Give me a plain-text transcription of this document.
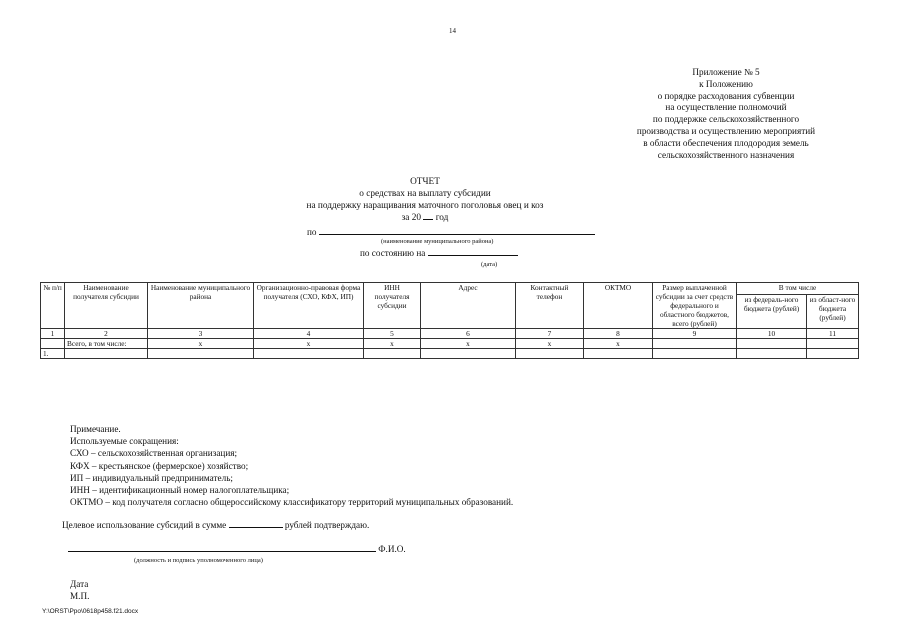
14
Приложение № 5
к Положению
о порядке расходования субвенции
на осуществление полномочий
по поддержке сельскохозяйственного
производства и осуществлению мероприятий
в области обеспечения плодородия земель
сельскохозяйственного назначения
ОТЧЕТ
о средствах на выплату субсидии
на поддержку наращивания маточного поголовья овец и коз
за 20 год
по
(наименование муниципального района)
по состоянию на
(дата)
№ п/п	Наименование получателя субсидии	Наименование муниципального района	Организационно-правовая форма получателя (СХО, КФХ, ИП)	ИНН получателя субсидии	Адрес	Контактный телефон	ОКТМО	Размер выплаченной субсидии за счет средств федерального и областного бюджетов, всего (рублей)	В том числе	
									из федераль-ного бюджета (рублей)	из област-ного бюджета (рублей)
1	2	3	4	5	6	7	8	9	10	11
	Всего, в том числе:	x	x	x	x	x	x			
1.										
Примечание.
Используемые сокращения:
СХО – сельскохозяйственная организация;
КФХ – крестьянское (фермерское) хозяйство;
ИП – индивидуальный предприниматель;
ИНН – идентификационный номер налогоплательщика;
ОКТМО – код получателя согласно общероссийскому классификатору территорий муниципальных образований.
Целевое использование субсидий в сумме	рублей подтверждаю.
Ф.И.О.
(должность и подпись уполномоченного лица)
Дата
М.П.
Y:\ORST\Ppo\0618p458.f21.docx
